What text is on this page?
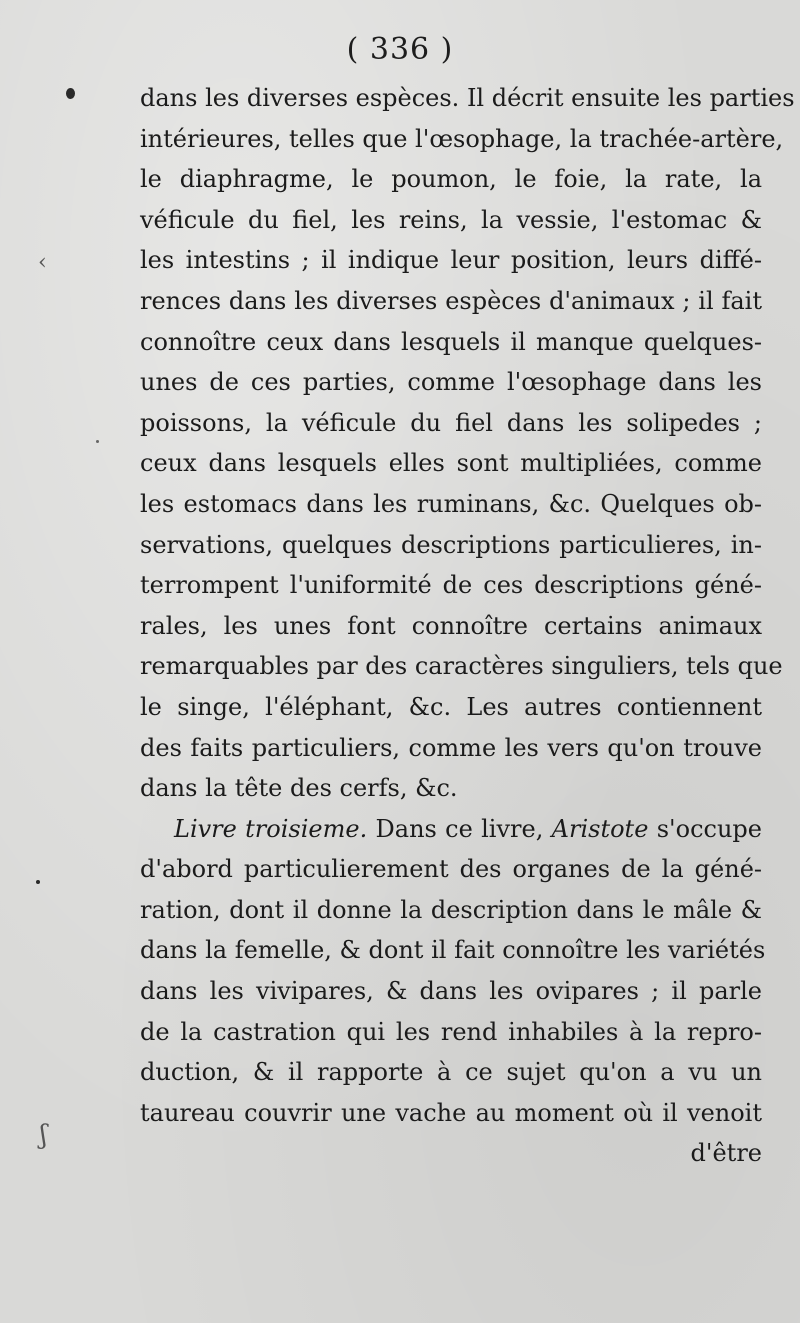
( 336 )
dans les diverses espèces. Il décrit ensuite les parties
intérieures, telles que l'œsophage, la trachée-artère,
le diaphragme, le poumon, le foie, la rate, la
véficule du fiel, les reins, la vessie, l'estomac &
les intestins ; il indique leur position, leurs diffé-
rences dans les diverses espèces d'animaux ; il fait
connoître ceux dans lesquels il manque quelques-
unes de ces parties, comme l'œsophage dans les
poissons, la véficule du fiel dans les solipedes ;
ceux dans lesquels elles sont multipliées, comme
les estomacs dans les ruminans, &c. Quelques ob-
servations, quelques descriptions particulieres, in-
terrompent l'uniformité de ces descriptions géné-
rales, les unes font connoître certains animaux
remarquables par des caractères singuliers, tels que
le singe, l'éléphant, &c. Les autres contiennent
des faits particuliers, comme les vers qu'on trouve
dans la tête des cerfs, &c.
Livre troisieme. Dans ce livre, Aristote s'occupe
d'abord particulierement des organes de la géné-
ration, dont il donne la description dans le mâle &
dans la femelle, & dont il fait connoître les variétés
dans les vivipares, & dans les ovipares ; il parle
de la castration qui les rend inhabiles à la repro-
duction, & il rapporte à ce sujet qu'on a vu un
taureau couvrir une vache au moment où il venoit
d'être
‹
ʃ
